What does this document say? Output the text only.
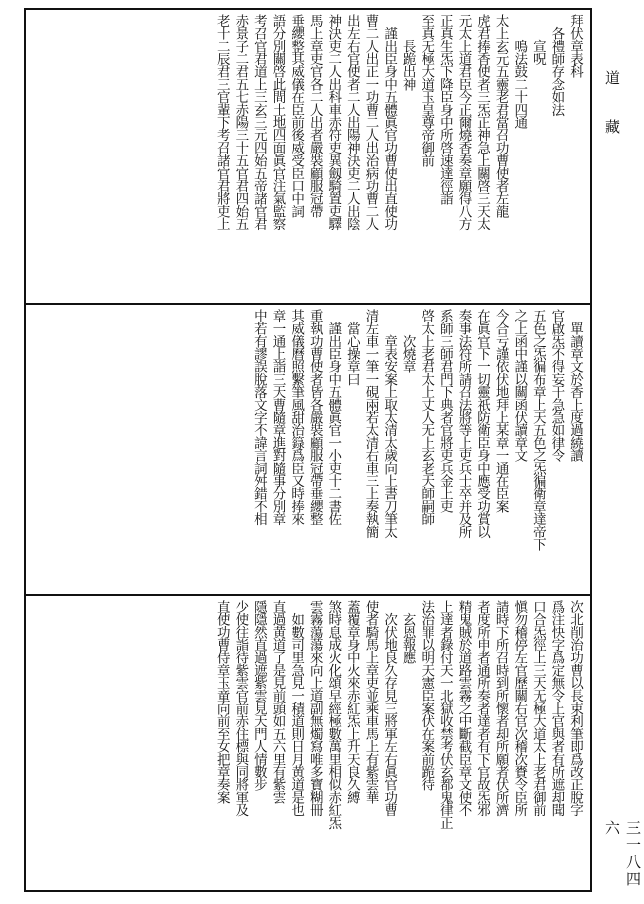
拜伏章表科
　各禮師存念如法
　　宣呪
　　鳴法鼓二十四通
太上玄元五靈老君當召功曹使者左龍
虎君捧香使者三炁正神急上關啓三天太
元太上道君臣今正爾燒香奏章願得八方
正真生炁下降臣身中所啓速達徑詣
至真无極大道玉皇尊帝御前
　　長跪出神
　謹出臣身中五體眞官功曹使出直使功
曹二人出正一功曹二人出治病功曹二人
出左右官使者二人出陽神決吏二人出陰
神決吏二人出科車赤符吏異劔騎置吏驛
馬上章吏官各二人出者嚴裝顧服冠帶
垂纓整其威儀在臣前後威受臣口中詞
語分別關啓此間土地四面眞官注氣監察
考召官君道上三玄三元四始五帝諸官君
赤景子二君五七赤陽三十五官君四始五
老十二辰君三官輩下考召諸官君將吏上
　單讀章文於香上度過繞讀
官啟炁不得妄干急急如律令
五色之炁徧布章上天五色之炁徧衛章達帝下
之上函中謹以關函伏讀章文
今合亏謹依伏地拜上某章一通在臣案
在眞官下一切靈祇防衛臣身中應受功賞以
奏事法符所請召法將等上吏兵士卒并及所
系師三師君門下典者官將吏兵金上吏
啓太上老君太上丈人无上玄老天師嗣師
　　次燒章
　　章表安案上取太清太歲向上書刀筆太
清左車一筆一硯兩若太清右車三上奏執簡
　當心操章曰
　謹出臣身中五體眞官一小吏十二書佐
重執功曹使者皆各嚴裝顧服冠帶垂纓整
其威儀曆照繫筆風甜治籙爲臣又時捧來
章一通上詣三天曹隨章進對隨事分別章
中若有謬誤脫落文字不諱言詞舛錯不相
次北削治功曹以長束利筆即爲改正脫字
爲注快字爲定無令上官與者有所遮却聞
口合炁徑上三天无極大道太上老君御前
愼勿稽停左官歷關右官次稽次賚令臣所
請時下所召時到所懷者却所願者伏所濟
者度所申者通所奏者達者有下官故炁邪
精鬼賊於道路雲霧之中斷截臣章文使不
上達者錄付天一北獄收禁考伏玄都鬼律正
法治罪以明天憲臣案伏在案前跪待
　玄恩報應
　次伏地良久存見三將軍左右眞官功曹
使者騎馬上章吏並乘車馬上有紫雲華
蓋覆章身中火來赤紅炁上升天良久縛
煞時息成火化頌早經極數萬里相似赤紅炁
雲霧蕩蕩來向上道副無燭寫唯多寶糊冊
　如數司里急見一積道則日月黄道是也
直過黄道了是見前頭如五六里有紫雲
隱隱然直過遮紫雲見天門人情數步
少使往詣待紫雲官前赤住標與同將軍及
直使功曹侍章玉童向前至女把章奏案
道 藏
三一八四六
